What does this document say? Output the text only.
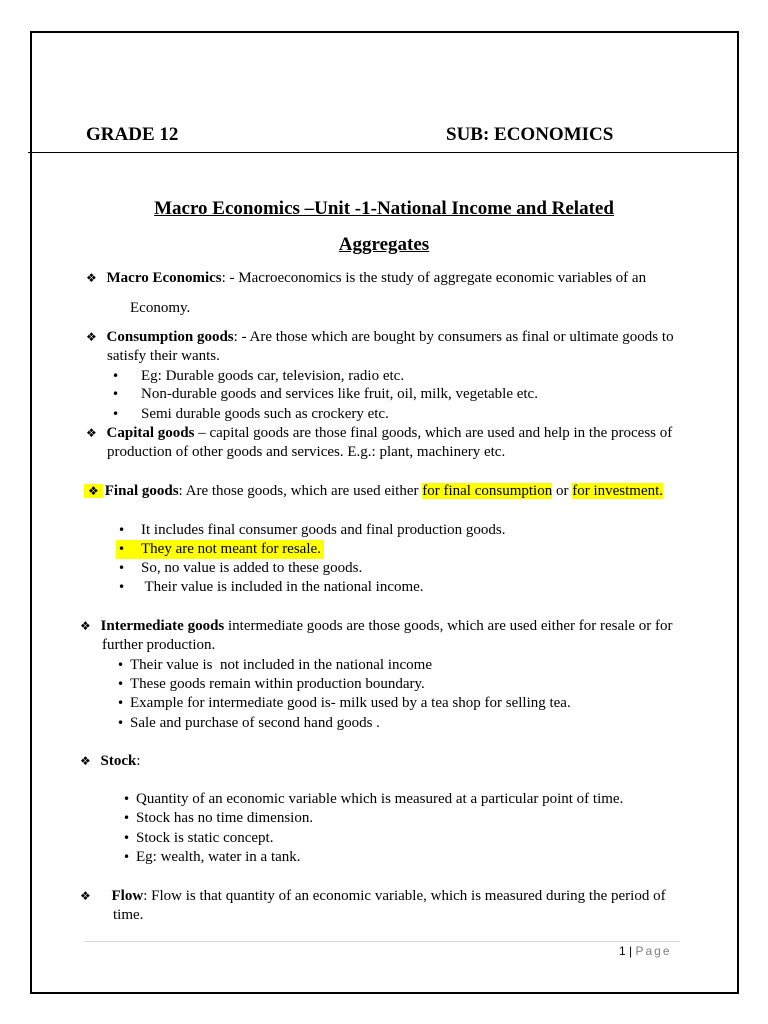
GRADE 12	SUB: ECONOMICS
Macro Economics –Unit -1-National Income and Related
Aggregates
❖ Macro Economics: - Macroeconomics is the study of aggregate economic variables of an
Economy.
❖ Consumption goods: - Are those which are bought by consumers as final or ultimate goods to
satisfy their wants.
• Eg: Durable goods car, television, radio etc.
• Non-durable goods and services like fruit, oil, milk, vegetable etc.
• Semi durable goods such as crockery etc.
❖ Capital goods – capital goods are those final goods, which are used and help in the process of
production of other goods and services. E.g.: plant, machinery etc.
❖ Final goods: Are those goods, which are used either for final consumption or for investment.
• It includes final consumer goods and final production goods.
• They are not meant for resale.
• So, no value is added to these goods.
• Their value is included in the national income.
❖ Intermediate goods intermediate goods are those goods, which are used either for resale or for
further production.
• Their value is  not included in the national income
• These goods remain within production boundary.
• Example for intermediate good is- milk used by a tea shop for selling tea.
• Sale and purchase of second hand goods .
❖ Stock:
• Quantity of an economic variable which is measured at a particular point of time.
• Stock has no time dimension.
• Stock is static concept.
• Eg: wealth, water in a tank.
❖ Flow: Flow is that quantity of an economic variable, which is measured during the period of
time.
1 | Page
